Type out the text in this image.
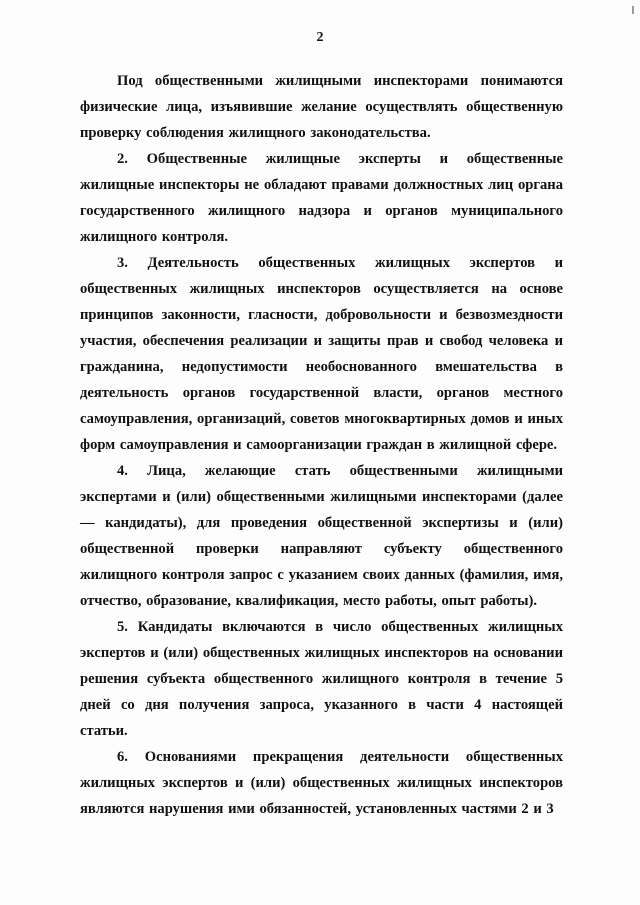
2

Под общественными жилищными инспекторами понимаются физические лица, изъявившие желание осуществлять общественную проверку соблюдения жилищного законодательства.

2. Общественные жилищные эксперты и общественные жилищные инспекторы не обладают правами должностных лиц органа государственного жилищного надзора и органов муниципального жилищного контроля.

3. Деятельность общественных жилищных экспертов и общественных жилищных инспекторов осуществляется на основе принципов законности, гласности, добровольности и безвозмездности участия, обеспечения реализации и защиты прав и свобод человека и гражданина, недопустимости необоснованного вмешательства в деятельность органов государственной власти, органов местного самоуправления, организаций, советов многоквартирных домов и иных форм самоуправления и самоорганизации граждан в жилищной сфере.

4. Лица, желающие стать общественными жилищными экспертами и (или) общественными жилищными инспекторами (далее — кандидаты), для проведения общественной экспертизы и (или) общественной проверки направляют субъекту общественного жилищного контроля запрос с указанием своих данных (фамилия, имя, отчество, образование, квалификация, место работы, опыт работы).

5. Кандидаты включаются в число общественных жилищных экспертов и (или) общественных жилищных инспекторов на основании решения субъекта общественного жилищного контроля в течение 5 дней со дня получения запроса, указанного в части 4 настоящей статьи.

6. Основаниями прекращения деятельности общественных жилищных экспертов и (или) общественных жилищных инспекторов являются нарушения ими обязанностей, установленных частями 2 и 3
